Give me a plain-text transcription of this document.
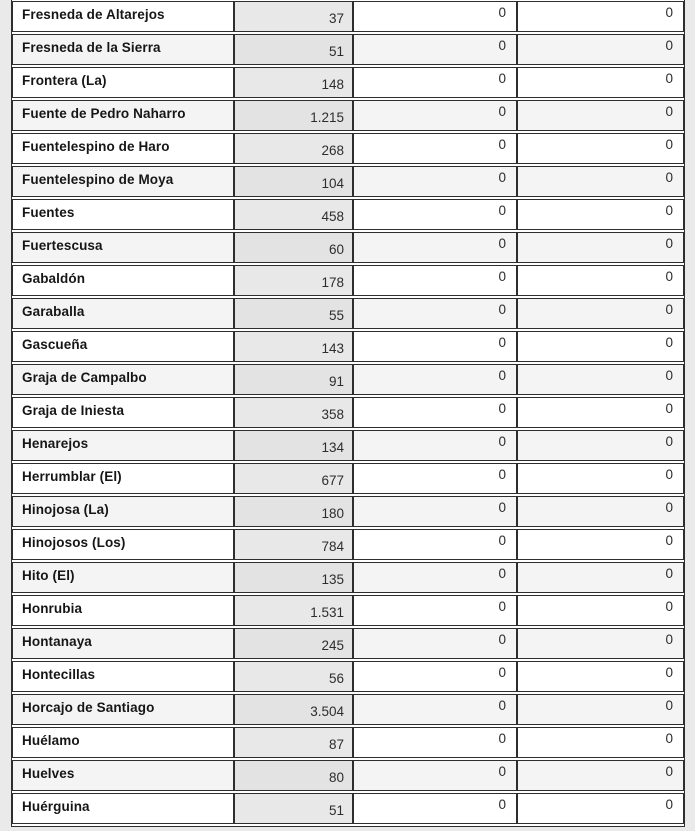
Fresneda de Altarejos	37	0	0
Fresneda de la Sierra	51	0	0
Frontera (La)	148	0	0
Fuente de Pedro Naharro	1.215	0	0
Fuentelespino de Haro	268	0	0
Fuentelespino de Moya	104	0	0
Fuentes	458	0	0
Fuertescusa	60	0	0
Gabaldón	178	0	0
Garaballa	55	0	0
Gascueña	143	0	0
Graja de Campalbo	91	0	0
Graja de Iniesta	358	0	0
Henarejos	134	0	0
Herrumblar (El)	677	0	0
Hinojosa (La)	180	0	0
Hinojosos (Los)	784	0	0
Hito (El)	135	0	0
Honrubia	1.531	0	0
Hontanaya	245	0	0
Hontecillas	56	0	0
Horcajo de Santiago	3.504	0	0
Huélamo	87	0	0
Huelves	80	0	0
Huérguina	51	0	0
